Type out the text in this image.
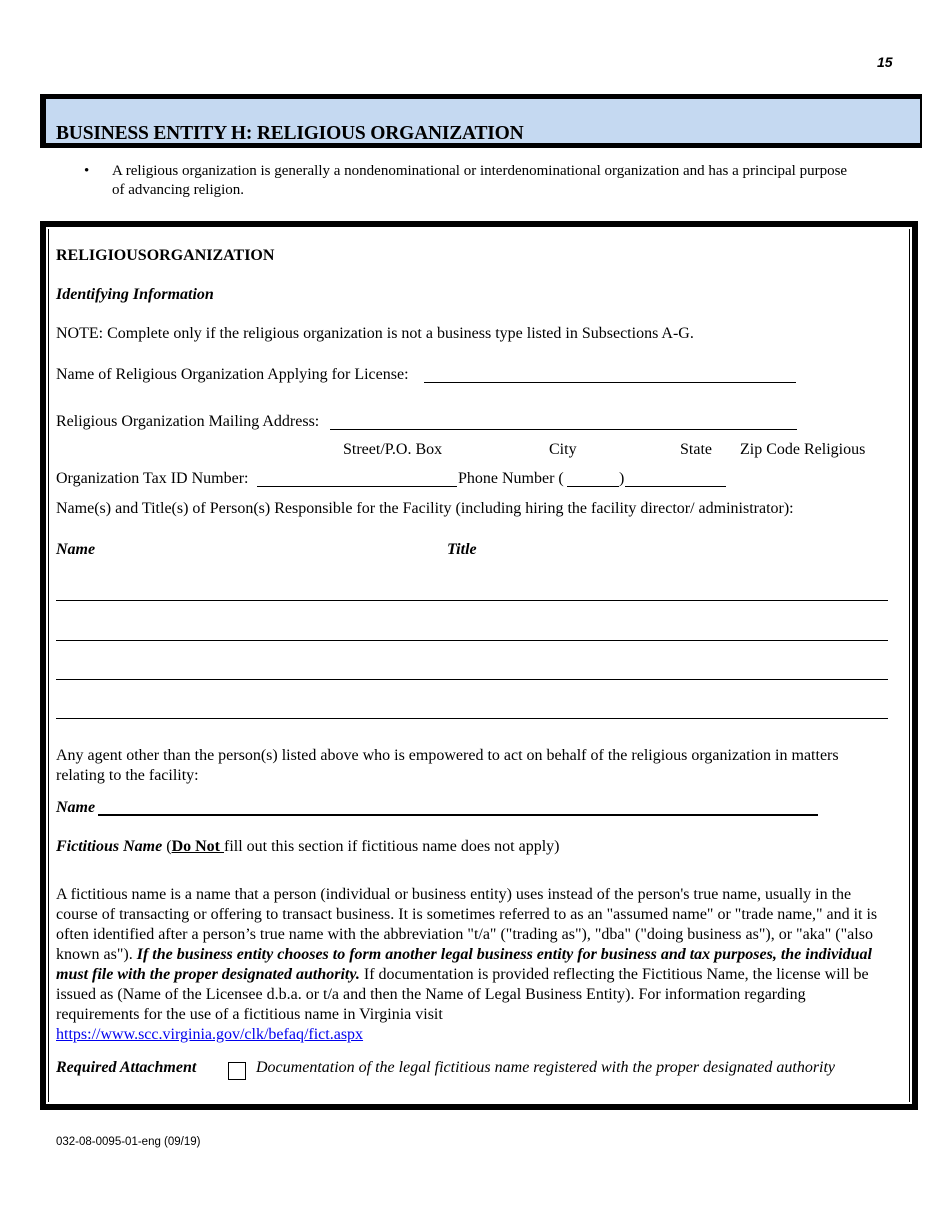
15
BUSINESS ENTITY H: RELIGIOUS ORGANIZATION
• A religious organization is generally a nondenominational or interdenominational organization and has a principal purpose of advancing religion.
RELIGIOUSORGANIZATION
Identifying Information
NOTE: Complete only if the religious organization is not a business type listed in Subsections A-G.
Name of Religious Organization Applying for License:
Religious Organization Mailing Address:
Street/P.O. Box	City	State Zip Code Religious
Organization Tax ID Number:	Phone Number (	)
Name(s) and Title(s) of Person(s) Responsible for the Facility (including hiring the facility director/ administrator):
Name	Title
Any agent other than the person(s) listed above who is empowered to act on behalf of the religious organization in matters relating to the facility:
Name
Fictitious Name (Do Not fill out this section if fictitious name does not apply)
A fictitious name is a name that a person (individual or business entity) uses instead of the person's true name, usually in the course of transacting or offering to transact business. It is sometimes referred to as an "assumed name" or "trade name," and it is often identified after a person’s true name with the abbreviation "t/a" ("trading as"), "dba" ("doing business as"), or "aka" ("also known as"). If the business entity chooses to form another legal business entity for business and tax purposes, the individual must file with the proper designated authority. If documentation is provided reflecting the Fictitious Name, the license will be issued as (Name of the Licensee d.b.a. or t/a and then the Name of Legal Business Entity). For information regarding requirements for the use of a fictitious name in Virginia visit
https://www.scc.virginia.gov/clk/befaq/fict.aspx
Required Attachment	Documentation of the legal fictitious name registered with the proper designated authority
032-08-0095-01-eng (09/19)
